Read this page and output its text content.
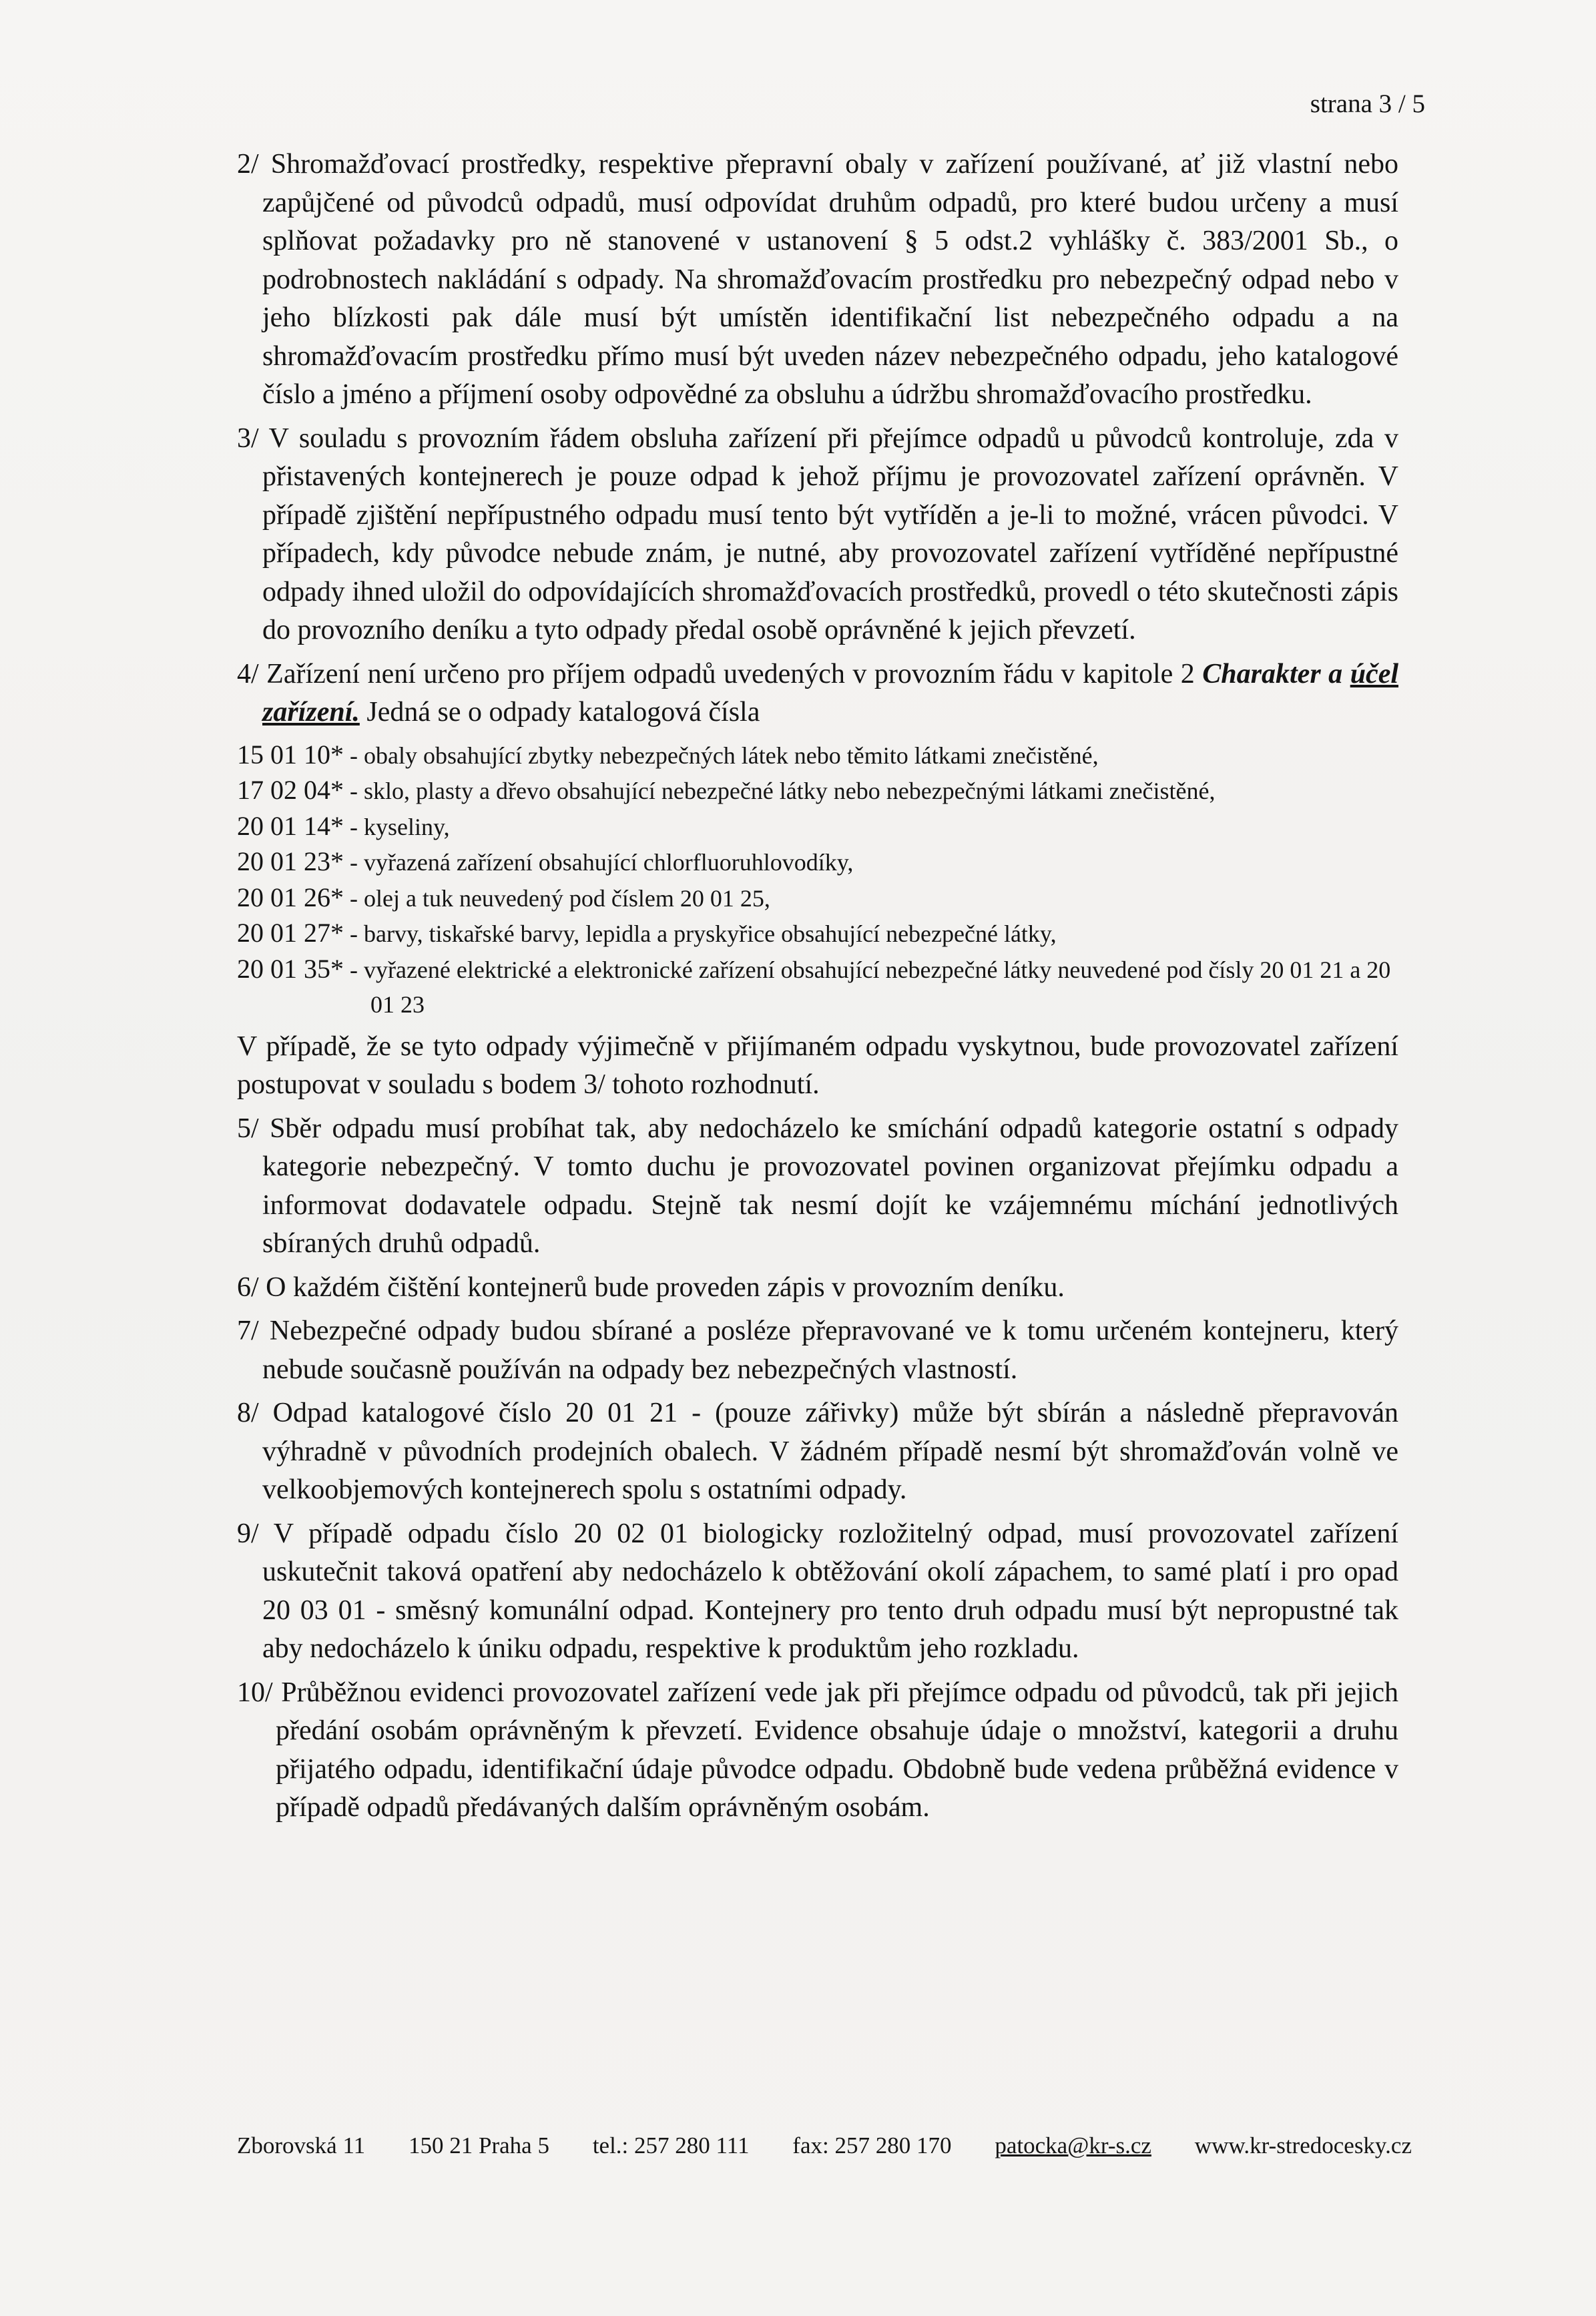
strana 3 / 5

2/ Shromažďovací prostředky, respektive přepravní obaly v zařízení používané, ať již vlastní nebo zapůjčené od původců odpadů, musí odpovídat druhům odpadů, pro které budou určeny a musí splňovat požadavky pro ně stanovené v ustanovení § 5 odst.2 vyhlášky č. 383/2001 Sb., o podrobnostech nakládání s odpady. Na shromažďovacím prostředku pro nebezpečný odpad nebo v jeho blízkosti pak dále musí být umístěn identifikační list nebezpečného odpadu a na shromažďovacím prostředku přímo musí být uveden název nebezpečného odpadu, jeho katalogové číslo a jméno a příjmení osoby odpovědné za obsluhu a údržbu shromažďovacího prostředku.

3/ V souladu s provozním řádem obsluha zařízení při přejímce odpadů u původců kontroluje, zda v přistavených kontejnerech je pouze odpad k jehož příjmu je provozovatel zařízení oprávněn. V případě zjištění nepřípustného odpadu musí tento být vytříděn a je-li to možné, vrácen původci. V případech, kdy původce nebude znám, je nutné, aby provozovatel zařízení vytříděné nepřípustné odpady ihned uložil do odpovídajících shromažďovacích prostředků, provedl o této skutečnosti zápis do provozního deníku a tyto odpady předal osobě oprávněné k jejich převzetí.

4/ Zařízení není určeno pro příjem odpadů uvedených v provozním řádu v kapitole 2 Charakter a účel zařízení. Jedná se o odpady katalogová čísla

15 01 10* - obaly obsahující zbytky nebezpečných látek nebo těmito látkami znečistěné,
17 02 04* - sklo, plasty a dřevo obsahující nebezpečné látky nebo nebezpečnými látkami znečistěné,
20 01 14* - kyseliny,
20 01 23* - vyřazená zařízení obsahující chlorfluoruhlovodíky,
20 01 26* - olej a tuk neuvedený pod číslem 20 01 25,
20 01 27* - barvy, tiskařské barvy, lepidla a pryskyřice obsahující nebezpečné látky,
20 01 35* - vyřazené elektrické a elektronické zařízení obsahující nebezpečné látky neuvedené pod čísly 20 01 21 a 20 01 23

V případě, že se tyto odpady výjimečně v přijímaném odpadu vyskytnou, bude provozovatel zařízení postupovat v souladu s bodem 3/ tohoto rozhodnutí.

5/ Sběr odpadu musí probíhat tak, aby nedocházelo ke smíchání odpadů kategorie ostatní s odpady kategorie nebezpečný. V tomto duchu je provozovatel povinen organizovat přejímku odpadu a informovat dodavatele odpadu. Stejně tak nesmí dojít ke vzájemnému míchání jednotlivých sbíraných druhů odpadů.

6/ O každém čištění kontejnerů bude proveden zápis v provozním deníku.

7/ Nebezpečné odpady budou sbírané a posléze přepravované ve k tomu určeném kontejneru, který nebude současně používán na odpady bez nebezpečných vlastností.

8/ Odpad katalogové číslo 20 01 21 - (pouze zářivky) může být sbírán a následně přepravován výhradně v původních prodejních obalech. V žádném případě nesmí být shromažďován volně ve velkoobjemových kontejnerech spolu s ostatními odpady.

9/ V případě odpadu číslo 20 02 01 biologicky rozložitelný odpad, musí provozovatel zařízení uskutečnit taková opatření aby nedocházelo k obtěžování okolí zápachem, to samé platí i pro opad 20 03 01 - směsný komunální odpad. Kontejnery pro tento druh odpadu musí být nepropustné tak aby nedocházelo k úniku odpadu, respektive k produktům jeho rozkladu.

10/ Průběžnou evidenci provozovatel zařízení vede jak při přejímce odpadu od původců, tak při jejich předání osobám oprávněným k převzetí. Evidence obsahuje údaje o množství, kategorii a druhu přijatého odpadu, identifikační údaje původce odpadu. Obdobně bude vedena průběžná evidence v případě odpadů předávaných dalším oprávněným osobám.

Zborovská 11 150 21 Praha 5 tel.: 257 280 111 fax: 257 280 170 patocka@kr-s.cz www.kr-stredocesky.cz
